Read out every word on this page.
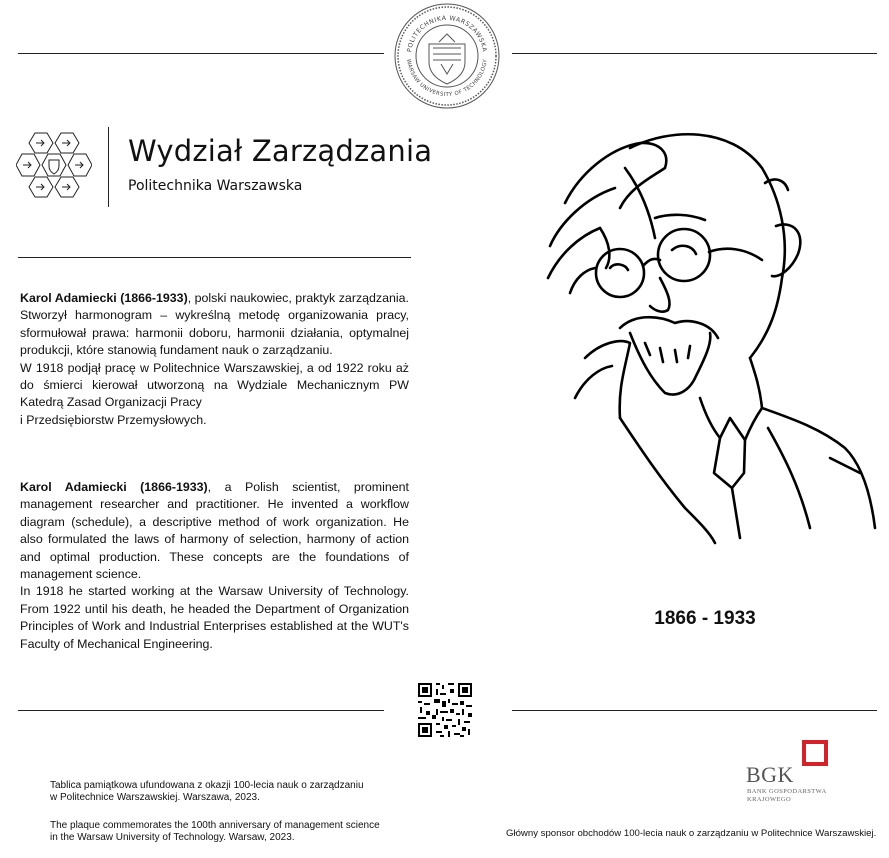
POLITECHNIKA WARSZAWSKA
WARSAW UNIVERSITY OF TECHNOLOGY
Wydział Zarządzania
Politechnika Warszawska

Karol Adamiecki (1866-1933), polski naukowiec, praktyk zarządzania. Stworzył harmonogram – wykreślną metodę organizowania pracy, sformułował prawa: harmonii doboru, harmonii działania, optymalnej produkcji, które stanowią fundament nauk o zarządzaniu.

W 1918 podjął pracę w Politechnice Warszawskiej, a od 1922 roku aż do śmierci kierował utworzoną na Wydziale Mechanicznym PW Katedrą Zasad Organizacji Pracy

i Przedsiębiorstw Przemysłowych.

Karol Adamiecki (1866-1933), a Polish scientist, prominent management researcher and practitioner. He invented a workflow diagram (schedule), a descriptive method of work organization. He also formulated the laws of harmony of selection, harmony of action and optimal production. These concepts are the foundations of management science.

In 1918 he started working at the Warsaw University of Technology. From 1922 until his death, he headed the Department of Organization Principles of Work and Industrial Enterprises established at the WUT's Faculty of Mechanical Engineering.

1866 - 1933
Tablica pamiątkowa ufundowana z okazji 100-lecia nauk o zarządzaniu
w Politechnice Warszawskiej. Warszawa, 2023.
The plaque commemorates the 100th anniversary of management science
in the Warsaw University of Technology. Warsaw, 2023.
BGK
BANK GOSPODARSTWA
KRAJOWEGO
Główny sponsor obchodów 100-lecia nauk o zarządzaniu w Politechnice Warszawskiej.
